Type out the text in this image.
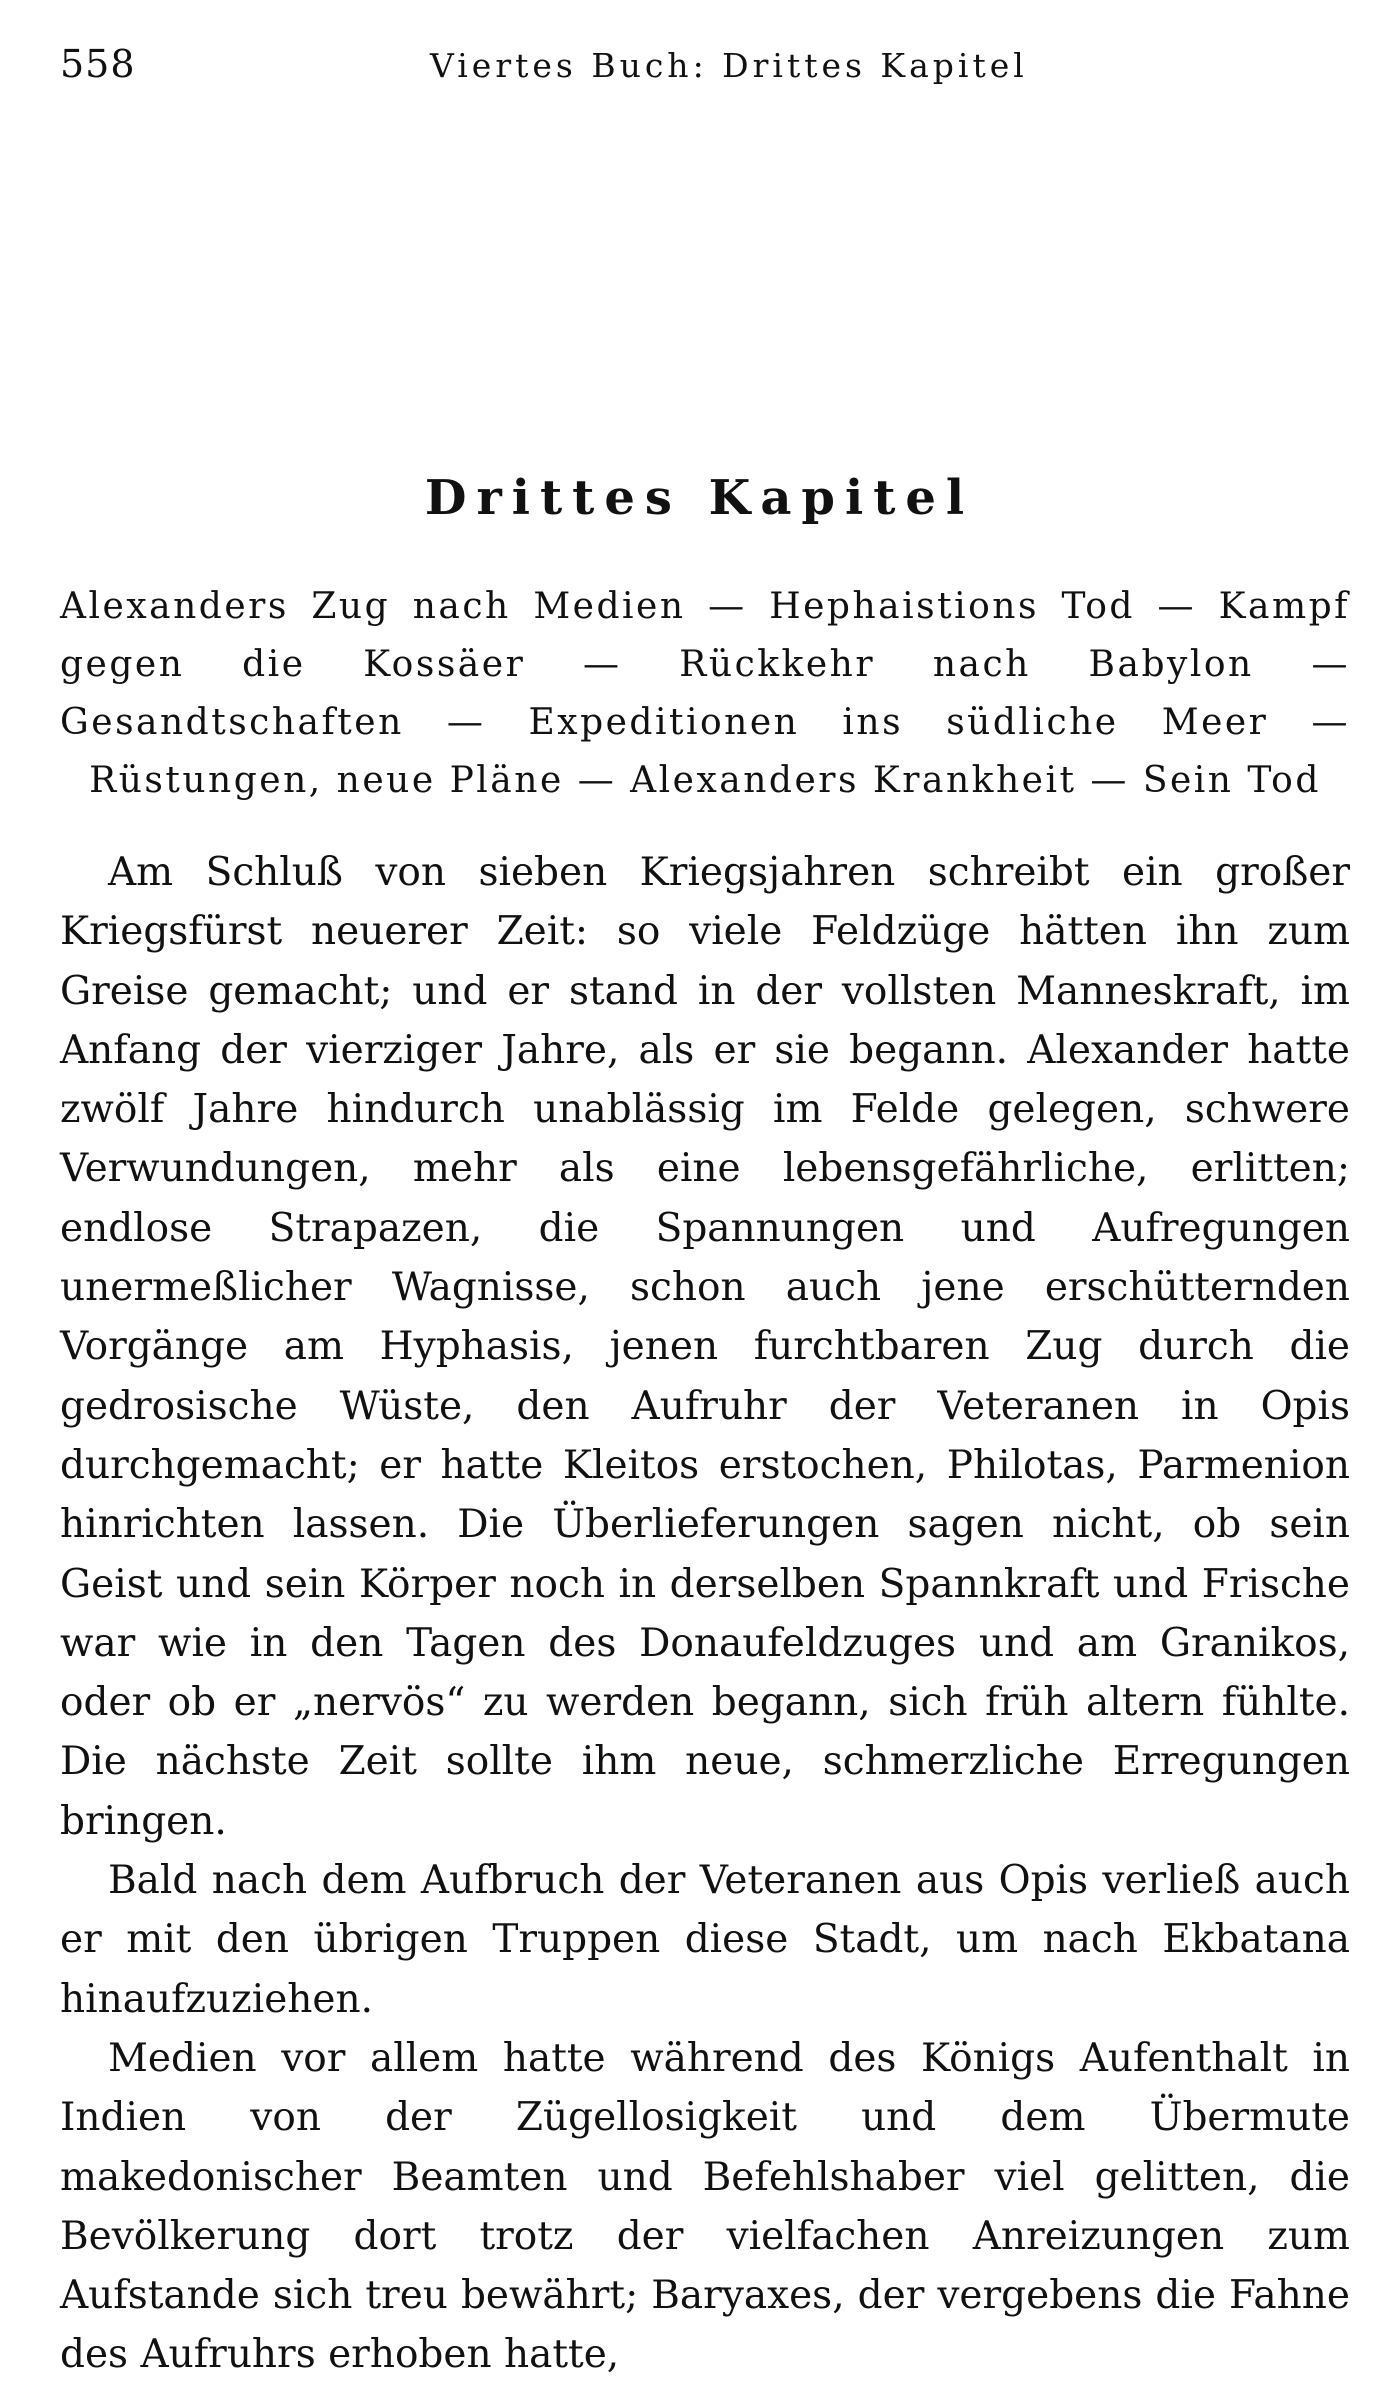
558	Viertes Buch: Drittes Kapitel
Drittes Kapitel

Alexanders Zug nach Medien — Hephaistions Tod — Kampf gegen die Kossäer — Rückkehr nach Babylon — Gesandtschaften — Expeditionen ins südliche Meer — Rüstungen, neue Pläne — Alexanders Krankheit — Sein Tod

Am Schluß von sieben Kriegsjahren schreibt ein großer Kriegsfürst neuerer Zeit: so viele Feldzüge hätten ihn zum Greise gemacht; und er stand in der vollsten Manneskraft, im Anfang der vierziger Jahre, als er sie begann. Alexander hatte zwölf Jahre hindurch unablässig im Felde gelegen, schwere Verwundungen, mehr als eine lebensgefährliche, erlitten; endlose Strapazen, die Spannungen und Aufregungen unermeßlicher Wagnisse, schon auch jene erschütternden Vorgänge am Hyphasis, jenen furchtbaren Zug durch die gedrosische Wüste, den Aufruhr der Veteranen in Opis durchgemacht; er hatte Kleitos erstochen, Philotas, Parmenion hinrichten lassen. Die Überlieferungen sagen nicht, ob sein Geist und sein Körper noch in derselben Spannkraft und Frische war wie in den Tagen des Donaufeldzuges und am Granikos, oder ob er „nervös“ zu werden begann, sich früh altern fühlte. Die nächste Zeit sollte ihm neue, schmerzliche Erregungen bringen.

Bald nach dem Aufbruch der Veteranen aus Opis verließ auch er mit den übrigen Truppen diese Stadt, um nach Ekbatana hinaufzuziehen.

Medien vor allem hatte während des Königs Aufenthalt in Indien von der Zügellosigkeit und dem Übermute makedonischer Beamten und Befehlshaber viel gelitten, die Bevölkerung dort trotz der vielfachen Anreizungen zum Aufstande sich treu bewährt; Baryaxes, der vergebens die Fahne des Aufruhrs erhoben hatte,
